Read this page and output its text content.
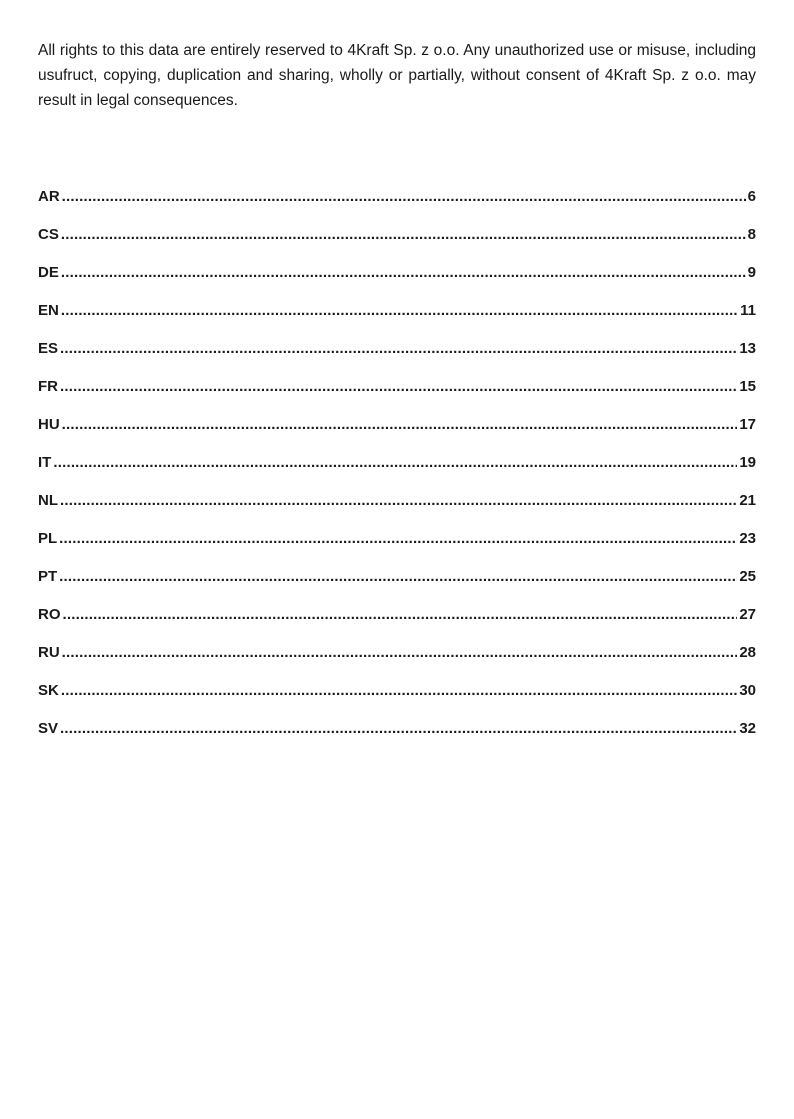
All rights to this data are entirely reserved to 4Kraft Sp. z o.o. Any unauthorized use or misuse, including usufruct, copying, duplication and sharing, wholly or partially, without consent of 4Kraft Sp. z o.o. may result in legal consequences.

AR .....	6
CS .....	8
DE .....	9
EN .....	11
ES .....	13
FR .....	15
HU .....	17
IT .....	19
NL .....	21
PL .....	23
PT .....	25
RO .....	27
RU .....	28
SK .....	30
SV .....	32
